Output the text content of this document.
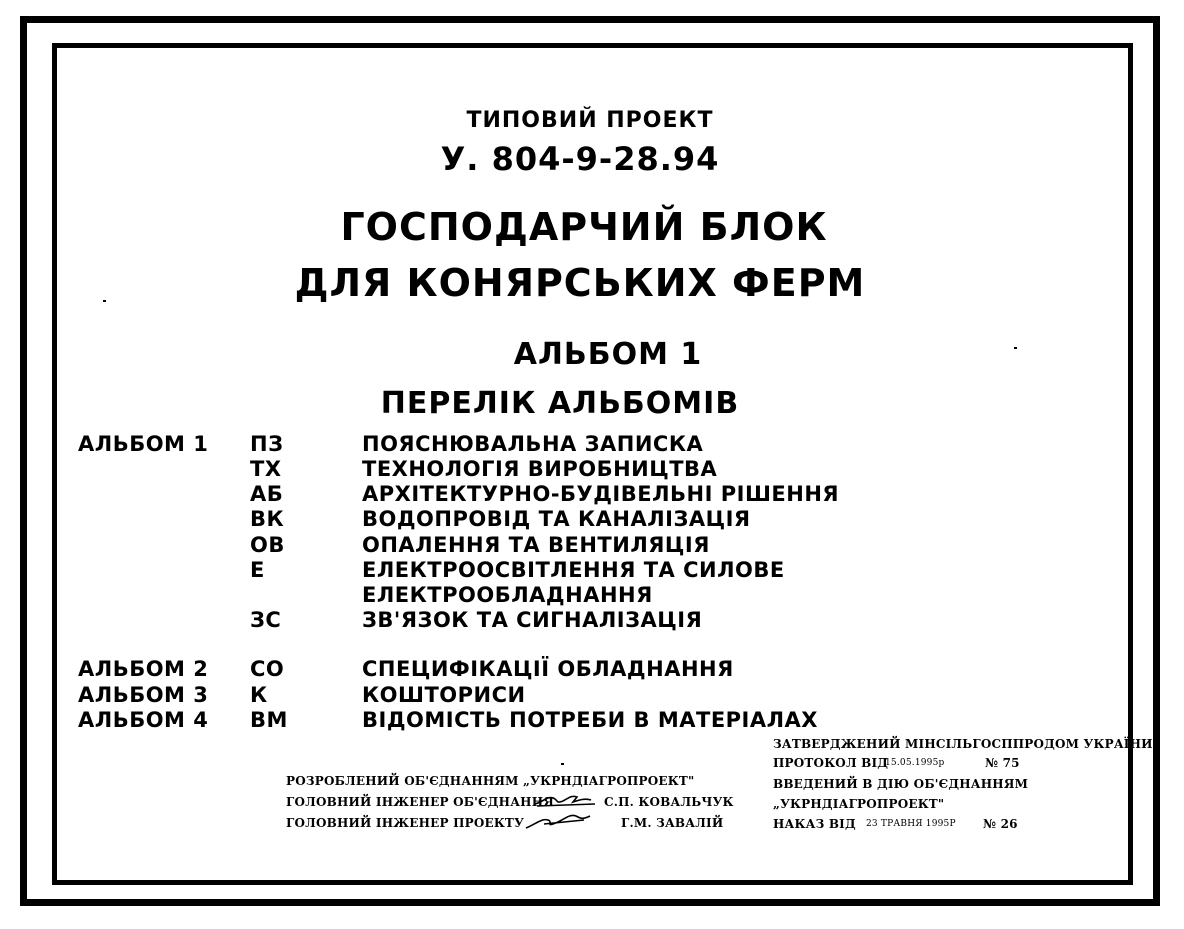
ТИПОВИЙ ПРОЕКТ
У. 804-9-28.94
ГОСПОДАРЧИЙ БЛОК
ДЛЯ КОНЯРСЬКИХ ФЕРМ
АЛЬБОМ 1
ПЕРЕЛІК АЛЬБОМІВ
АЛЬБОМ 1 ПЗ	ПОЯСНЮВАЛЬНА ЗАПИСКА
ТХ	ТЕХНОЛОГІЯ ВИРОБНИЦТВА
АБ	АРХІТЕКТУРНО-БУДІВЕЛЬНІ РІШЕННЯ
ВК	ВОДОПРОВІД ТА КАНАЛІЗАЦІЯ
ОВ	ОПАЛЕННЯ ТА ВЕНТИЛЯЦІЯ
Е	ЕЛЕКТРООСВІТЛЕННЯ ТА СИЛОВЕ
ЕЛЕКТРООБЛАДНАННЯ
ЗС	ЗВ'ЯЗОК ТА СИГНАЛІЗАЦІЯ
АЛЬБОМ 2 СО	СПЕЦИФІКАЦІЇ ОБЛАДНАННЯ
АЛЬБОМ 3 К	КОШТОРИСИ
АЛЬБОМ 4 ВМ	ВІДОМІСТЬ ПОТРЕБИ В МАТЕРІАЛАХ
РОЗРОБЛЕНИЙ ОБ'ЄДНАННЯМ „УКРНДІАГРОПРОЕКТ"
ГОЛОВНИЙ ІНЖЕНЕР ОБ'ЄДНАННЯ	С.П. КОВАЛЬЧУК
ГОЛОВНИЙ ІНЖЕНЕР ПРОЕКТУ	Г.М. ЗАВАЛІЙ
ЗАТВЕРДЖЕНИЙ МІНСІЛЬГОСППРОДОМ УКРАЇНИ
ПРОТОКОЛ ВІД
15.05.1995р	№ 75
ВВЕДЕНИЙ В ДІЮ ОБ'ЄДНАННЯМ
„УКРНДІАГРОПРОЕКТ"
НАКАЗ ВІД 23 ТРАВНЯ 1995Р № 26
